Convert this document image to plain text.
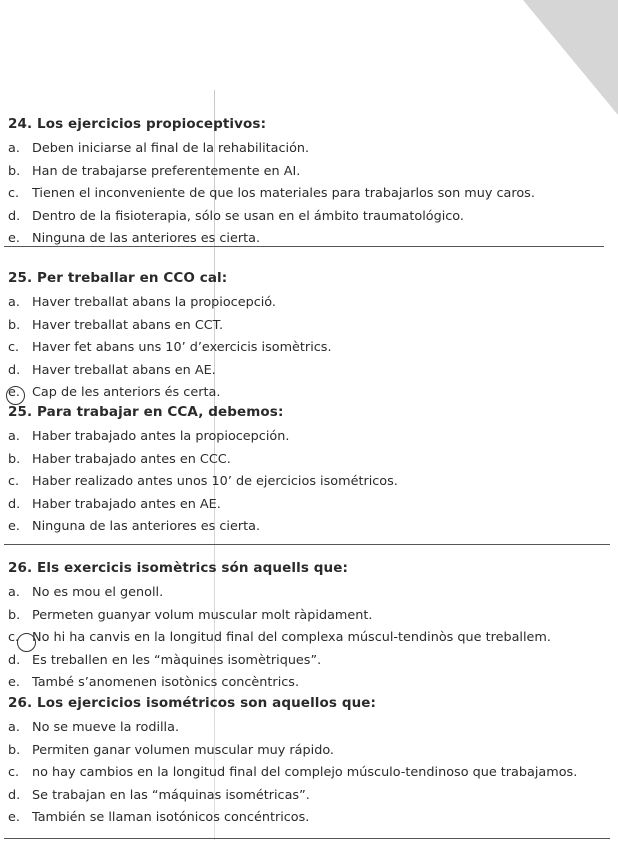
24. Los ejercicios propioceptivos:
a. Deben iniciarse al final de la rehabilitación.
b. Han de trabajarse preferentemente en AI.
c. Tienen el inconveniente de que los materiales para trabajarlos son muy caros.
d. Dentro de la fisioterapia, sólo se usan en el ámbito traumatológico.
e. Ninguna de las anteriores es cierta.
25. Per treballar en CCO cal:
a. Haver treballat abans la propiocepció.
b. Haver treballat abans en CCT.
c. Haver fet abans uns 10’ d’exercicis isomètrics.
d. Haver treballat abans en AE.
e. Cap de les anteriors és certa.
25. Para trabajar en CCA, debemos:
a. Haber trabajado antes la propiocepción.
b. Haber trabajado antes en CCC.
c. Haber realizado antes unos 10’ de ejercicios isométricos.
d. Haber trabajado antes en AE.
e. Ninguna de las anteriores es cierta.
26. Els exercicis isomètrics són aquells que:
a. No es mou el genoll.
b. Permeten guanyar volum muscular molt ràpidament.
c. No hi ha canvis en la longitud final del complexa múscul-tendinòs que treballem.
d. Es treballen en les “màquines isomètriques”.
e. També s’anomenen isotònics concèntrics.
26. Los ejercicios isométricos son aquellos que:
a. No se mueve la rodilla.
b. Permiten ganar volumen muscular muy rápido.
c. no hay cambios en la longitud final del complejo músculo-tendinoso que trabajamos.
d. Se trabajan en las “máquinas isométricas”.
e. También se llaman isotónicos concéntricos.
